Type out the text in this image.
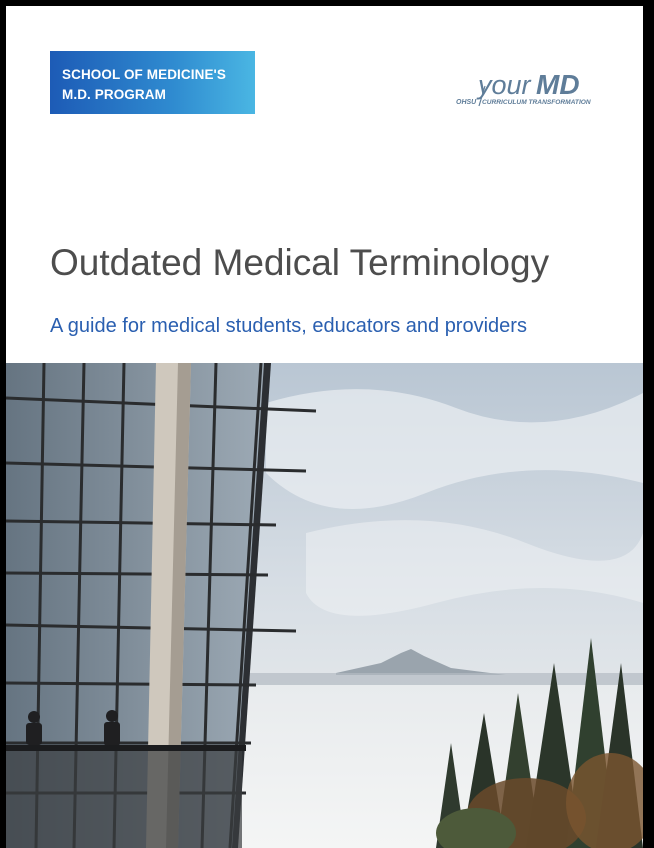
SCHOOL OF MEDICINE'S
M.D. PROGRAM	your MD
OHSU CURRICULUM TRANSFORMATION
Outdated Medical Terminology

A guide for medical students, educators and providers
